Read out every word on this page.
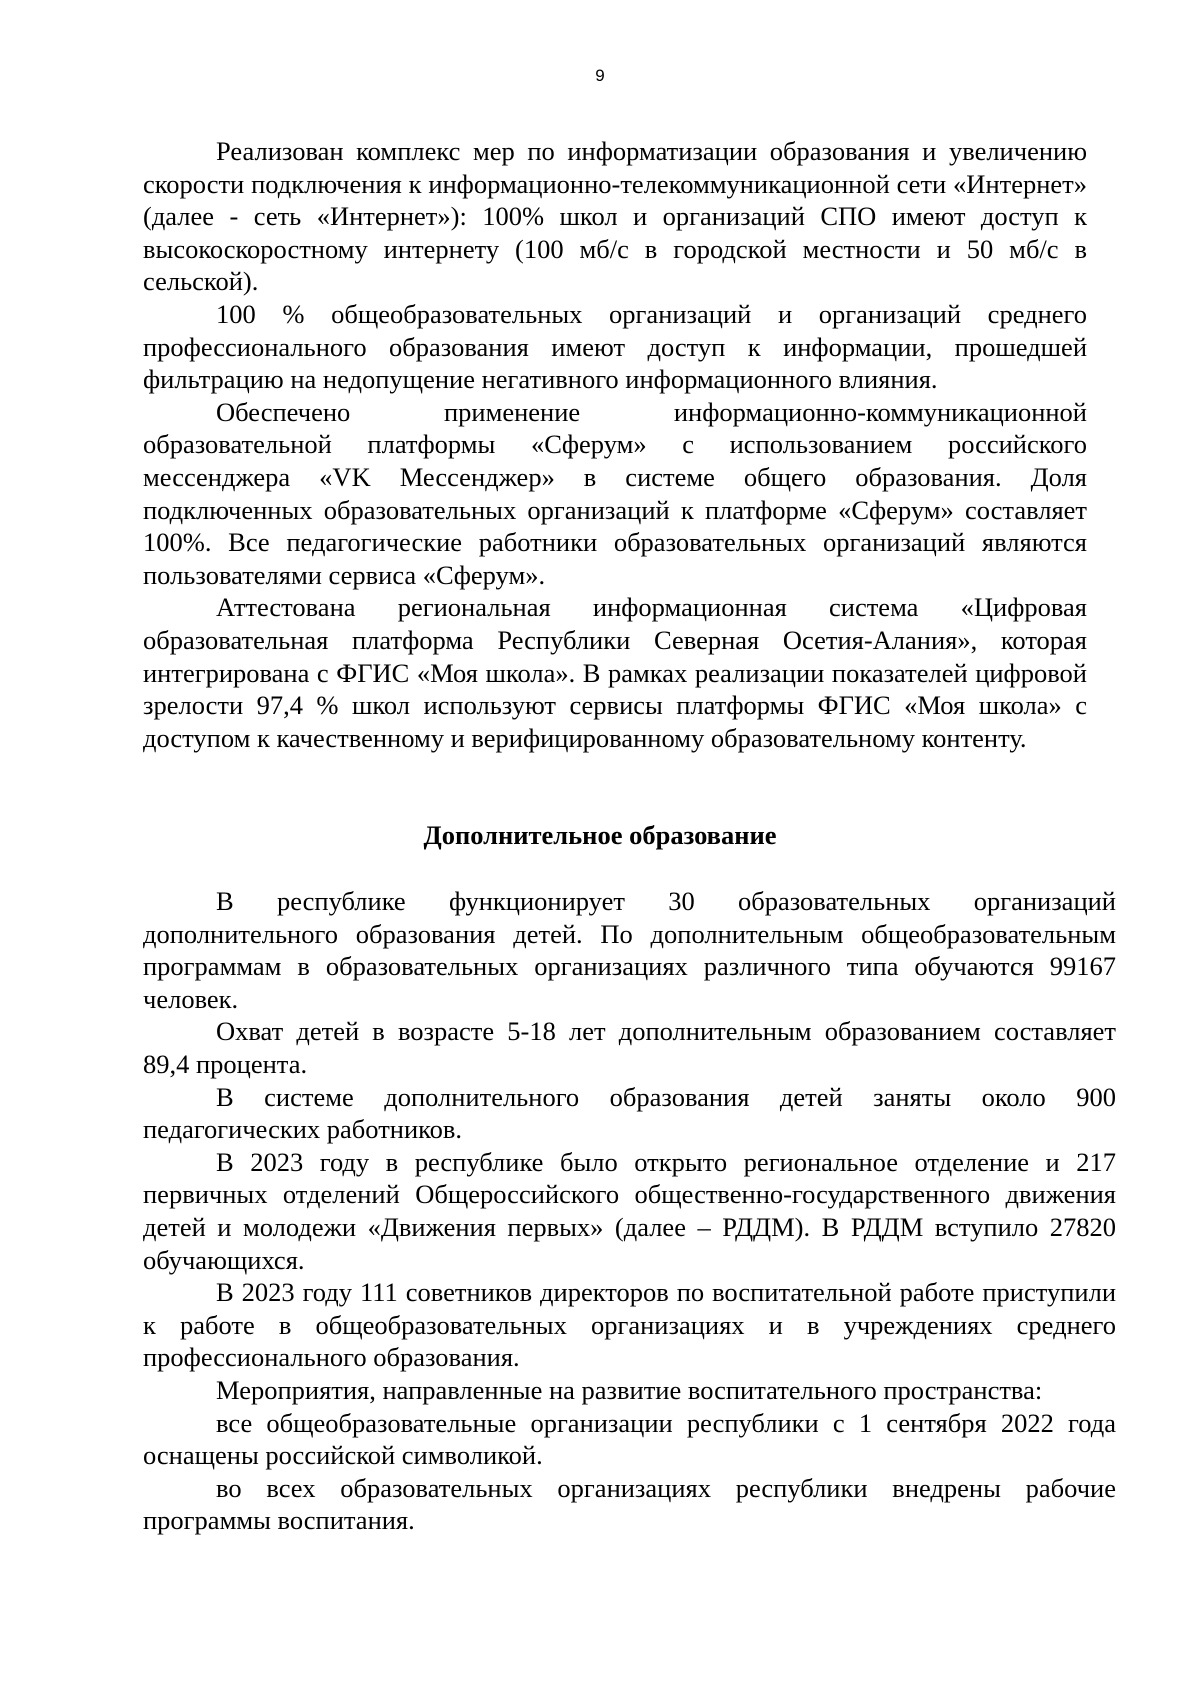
9

Реализован комплекс мер по информатизации образования и увеличению скорости подключения к информационно-телекоммуникационной сети «Интернет» (далее - сеть «Интернет»): 100% школ и организаций СПО имеют доступ к высокоскоростному интернету (100 мб/с в городской местности и 50 мб/с в сельской).

100 % общеобразовательных организаций и организаций среднего профессионального образования имеют доступ к информации, прошедшей фильтрацию на недопущение негативного информационного влияния.

Обеспечено применение информационно-коммуникационной образовательной платформы «Сферум» с использованием российского мессенджера «VK Мессенджер» в системе общего образования. Доля подключенных образовательных организаций к платформе «Сферум» составляет 100%. Все педагогические работники образовательных организаций являются пользователями сервиса «Сферум».

Аттестована региональная информационная система «Цифровая образовательная платформа Республики Северная Осетия-Алания», которая интегрирована с ФГИС «Моя школа». В рамках реализации показателей цифровой зрелости 97,4 % школ используют сервисы платформы ФГИС «Моя школа» с доступом к качественному и верифицированному образовательному контенту.

Дополнительное образование

В республике функционирует 30 образовательных организаций дополнительного образования детей. По дополнительным общеобразовательным программам в образовательных организациях различного типа обучаются 99167 человек.

Охват детей в возрасте 5-18 лет дополнительным образованием составляет 89,4 процента.

В системе дополнительного образования детей заняты около 900 педагогических работников.

В 2023 году в республике было открыто региональное отделение и 217 первичных отделений Общероссийского общественно-государственного движения детей и молодежи «Движения первых» (далее – РДДМ). В РДДМ вступило 27820 обучающихся.

В 2023 году 111 советников директоров по воспитательной работе приступили к работе в общеобразовательных организациях и в учреждениях среднего профессионального образования.

Мероприятия, направленные на развитие воспитательного пространства:

все общеобразовательные организации республики с 1 сентября 2022 года оснащены российской символикой.

во всех образовательных организациях республики внедрены рабочие программы воспитания.
